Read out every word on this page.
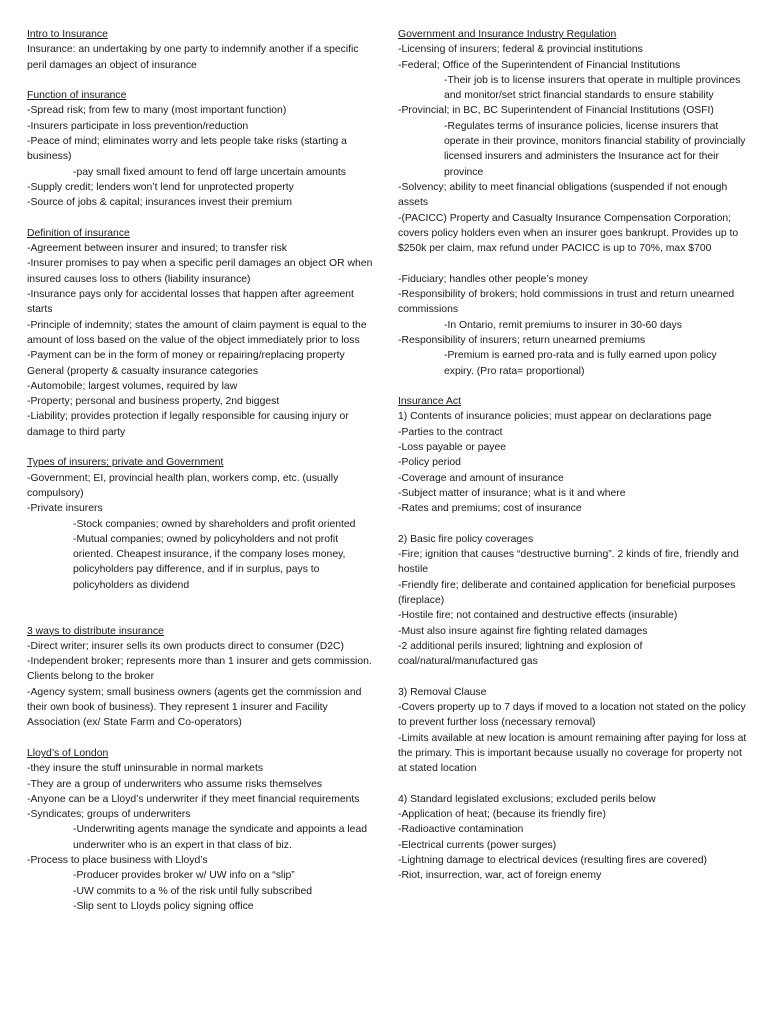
Intro to Insurance
Insurance: an undertaking by one party to indemnify another if a specific peril damages an object of insurance
Function of insurance
-Spread risk; from few to many (most important function)
-Insurers participate in loss prevention/reduction
-Peace of mind; eliminates worry and lets people take risks (starting a business)
-pay small fixed amount to fend off large uncertain amounts
-Supply credit; lenders won’t lend for unprotected property
-Source of jobs & capital; insurances invest their premium
Definition of insurance
-Agreement between insurer and insured; to transfer risk
-Insurer promises to pay when a specific peril damages an object OR when insured causes loss to others (liability insurance)
-Insurance pays only for accidental losses that happen after agreement starts
-Principle of indemnity; states the amount of claim payment is equal to the amount of loss based on the value of the object immediately prior to loss
-Payment can be in the form of money or repairing/replacing property
General (property & casualty insurance categories
-Automobile; largest volumes, required by law
-Property; personal and business property, 2nd biggest
-Liability; provides protection if legally responsible for causing injury or damage to third party
Types of insurers; private and Government
-Government; EI, provincial health plan, workers comp, etc. (usually compulsory)
-Private insurers
-Stock companies; owned by shareholders and profit oriented
-Mutual companies; owned by policyholders and not profit oriented. Cheapest insurance, if the company loses money, policyholders pay difference, and if in surplus, pays to policyholders as dividend
3 ways to distribute insurance
-Direct writer; insurer sells its own products direct to consumer (D2C)
-Independent broker; represents more than 1 insurer and gets commission. Clients belong to the broker
-Agency system; small business owners (agents get the commission and their own book of business). They represent 1 insurer and Facility Association (ex/ State Farm and Co-operators)
Lloyd’s of London
-they insure the stuff uninsurable in normal markets
-They are a group of underwriters who assume risks themselves
-Anyone can be a Lloyd’s underwriter if they meet financial requirements
-Syndicates; groups of underwriters
-Underwriting agents manage the syndicate and appoints a lead underwriter who is an expert in that class of biz.
-Process to place business with Lloyd’s
-Producer provides broker w/ UW info on a “slip”
-UW commits to a % of the risk until fully subscribed
-Slip sent to Lloyds policy signing office
Government and Insurance Industry Regulation
-Licensing of insurers; federal & provincial institutions
-Federal; Office of the Superintendent of Financial Institutions
-Their job is to license insurers that operate in multiple provinces and monitor/set strict financial standards to ensure stability
-Provincial; in BC, BC Superintendent of Financial Institutions (OSFI)
-Regulates terms of insurance policies, license insurers that operate in their province, monitors financial stability of provincially licensed insurers and administers the Insurance act for their province
-Solvency; ability to meet financial obligations (suspended if not enough assets
-(PACICC) Property and Casualty Insurance Compensation Corporation; covers policy holders even when an insurer goes bankrupt. Provides up to $250k per claim, max refund under PACICC is up to 70%, max $700
-Fiduciary; handles other people’s money
-Responsibility of brokers; hold commissions in trust and return unearned commissions
-In Ontario, remit premiums to insurer in 30-60 days
-Responsibility of insurers; return unearned premiums
-Premium is earned pro-rata and is fully earned upon policy expiry. (Pro rata= proportional)
Insurance Act
1) Contents of insurance policies; must appear on declarations page
-Parties to the contract
-Loss payable or payee
-Policy period
-Coverage and amount of insurance
-Subject matter of insurance; what is it and where
-Rates and premiums; cost of insurance
2) Basic fire policy coverages
-Fire; ignition that causes “destructive burning”. 2 kinds of fire, friendly and hostile
-Friendly fire; deliberate and contained application for beneficial purposes (fireplace)
-Hostile fire; not contained and destructive effects (insurable)
-Must also insure against fire fighting related damages
-2 additional perils insured; lightning and explosion of coal/natural/manufactured gas
3) Removal Clause
-Covers property up to 7 days if moved to a location not stated on the policy to prevent further loss (necessary removal)
-Limits available at new location is amount remaining after paying for loss at the primary. This is important because usually no coverage for property not at stated location
4) Standard legislated exclusions; excluded perils below
-Application of heat; (because its friendly fire)
-Radioactive contamination
-Electrical currents (power surges)
-Lightning damage to electrical devices (resulting fires are covered)
-Riot, insurrection, war, act of foreign enemy
